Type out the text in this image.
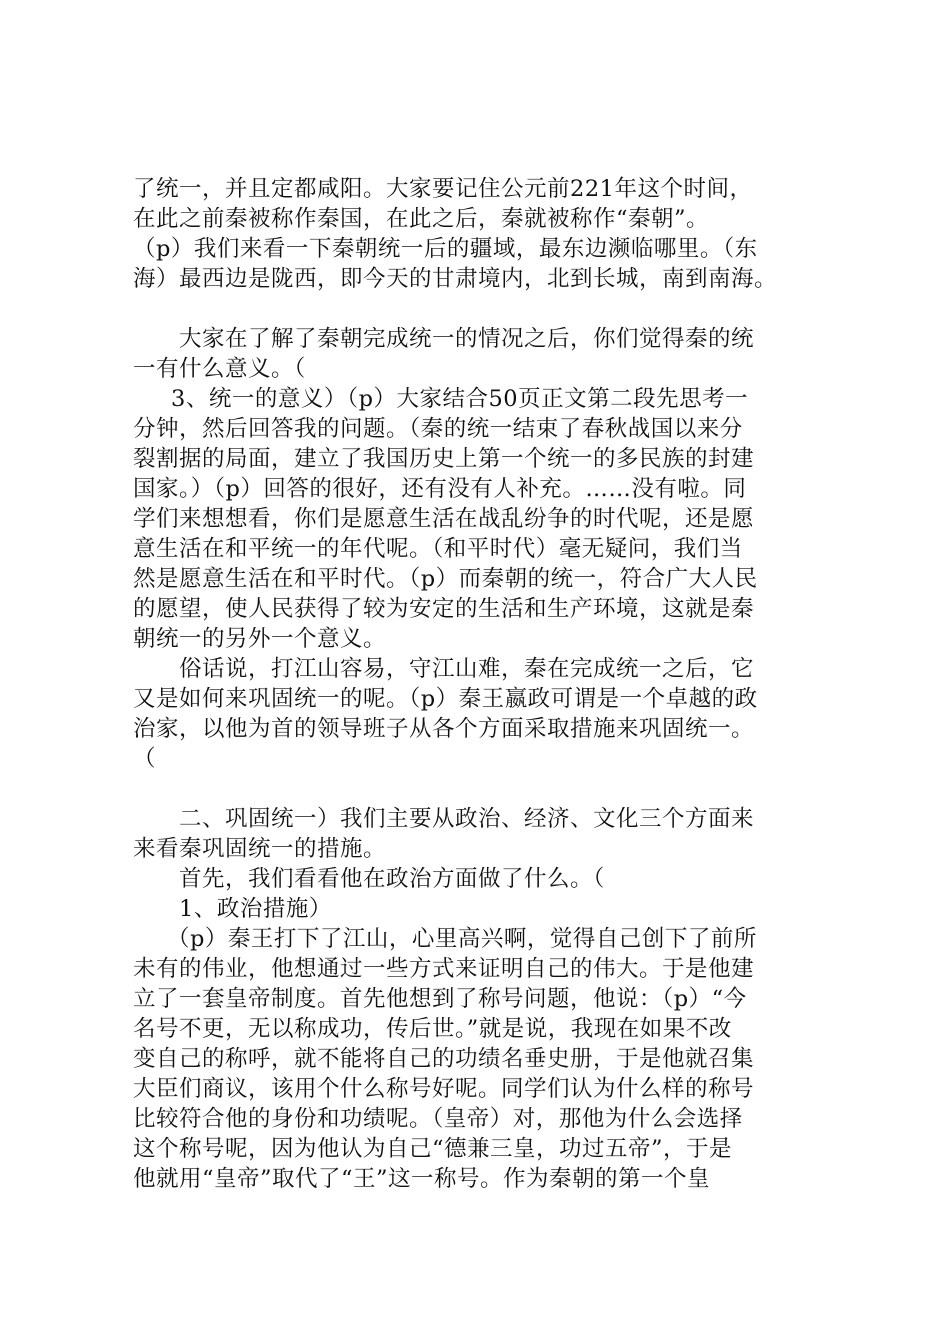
了统一，并且定都咸阳。大家要记住公元前221年这个时间，
在此之前秦被称作秦国，在此之后，秦就被称作“秦朝”。
（p）我们来看一下秦朝统一后的疆域，最东边濒临哪里。（东
海）最西边是陇西，即今天的甘肃境内，北到长城，南到南海。

大家在了解了秦朝完成统一的情况之后，你们觉得秦的统
一有什么意义。（

3、统一的意义）（p）大家结合50页正文第二段先思考一
分钟，然后回答我的问题。（秦的统一结束了春秋战国以来分
裂割据的局面，建立了我国历史上第一个统一的多民族的封建
国家。）（p）回答的很好，还有没有人补充。……没有啦。同
学们来想想看，你们是愿意生活在战乱纷争的时代呢，还是愿
意生活在和平统一的年代呢。（和平时代）毫无疑问，我们当
然是愿意生活在和平时代。（p）而秦朝的统一，符合广大人民
的愿望，使人民获得了较为安定的生活和生产环境，这就是秦
朝统一的另外一个意义。

俗话说，打江山容易，守江山难，秦在完成统一之后，它
又是如何来巩固统一的呢。（p）秦王嬴政可谓是一个卓越的政
治家，以他为首的领导班子从各个方面采取措施来巩固统一。
（

二、巩固统一）我们主要从政治、经济、文化三个方面来
来看秦巩固统一的措施。

首先，我们看看他在政治方面做了什么。（

1、政治措施）

（p）秦王打下了江山，心里高兴啊，觉得自己创下了前所
未有的伟业，他想通过一些方式来证明自己的伟大。于是他建
立了一套皇帝制度。首先他想到了称号问题，他说：（p）“今
名号不更，无以称成功，传后世。”就是说，我现在如果不改
变自己的称呼，就不能将自己的功绩名垂史册，于是他就召集
大臣们商议，该用个什么称号好呢。同学们认为什么样的称号
比较符合他的身份和功绩呢。（皇帝）对，那他为什么会选择
这个称号呢，因为他认为自己“德兼三皇，功过五帝”，于是
他就用“皇帝”取代了“王”这一称号。作为秦朝的第一个皇
